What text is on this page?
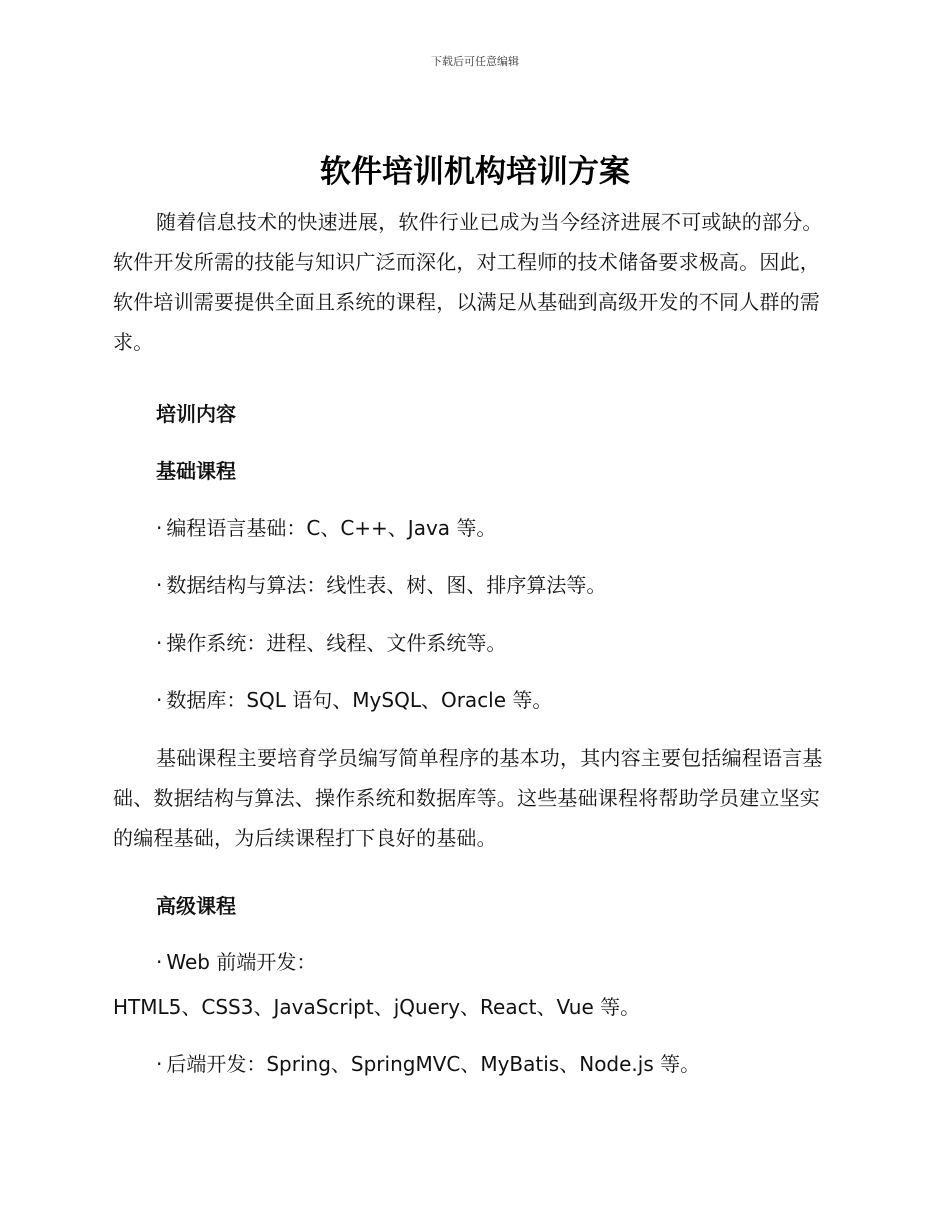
下载后可任意编辑
软件培训机构培训方案
随着信息技术的快速进展，软件行业已成为当今经济进展不可或缺的部分。软件开发所需的技能与知识广泛而深化，对工程师的技术储备要求极高。因此，软件培训需要提供全面且系统的课程，以满足从基础到高级开发的不同人群的需求。
培训内容
基础课程
· 编程语言基础：C、C++、Java 等。
· 数据结构与算法：线性表、树、图、排序算法等。
· 操作系统：进程、线程、文件系统等。
· 数据库：SQL 语句、MySQL、Oracle 等。
基础课程主要培育学员编写简单程序的基本功，其内容主要包括编程语言基础、数据结构与算法、操作系统和数据库等。这些基础课程将帮助学员建立坚实的编程基础，为后续课程打下良好的基础。
高级课程
· Web 前端开发：
HTML5、CSS3、JavaScript、jQuery、React、Vue 等。
· 后端开发：Spring、SpringMVC、MyBatis、Node.js 等。
